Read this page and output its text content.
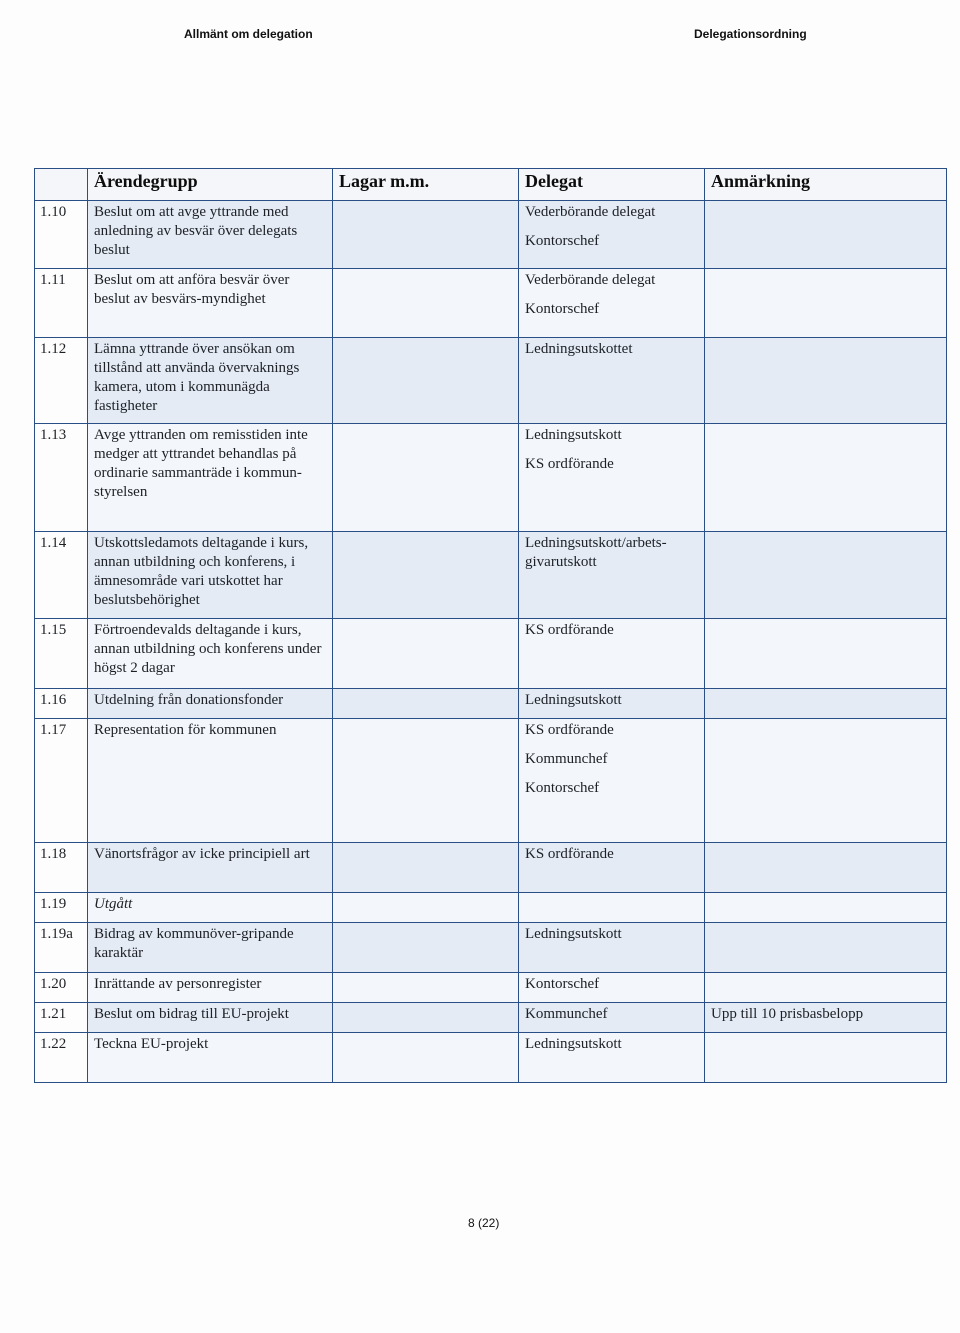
Allmänt om delegation	Delegationsordning
	Ärendegrupp	Lagar m.m.	Delegat	Anmärkning
1.10	Beslut om att avge yttrande med anledning av besvär över delegats beslut		Vederbörande delegat
Kontorschef	

1.11	Beslut om att anföra besvär över beslut av besvärs-myndighet		Vederbörande delegat
Kontorschef	

1.12	Lämna yttrande över ansökan om tillstånd att använda övervaknings kamera, utom i kommunägda fastigheter		Ledningsutskottet	

1.13	Avge yttranden om remisstiden inte medger att yttrandet behandlas på ordinarie sammanträde i kommun-styrelsen		Ledningsutskott
KS ordförande	

1.14	Utskottsledamots deltagande i kurs, annan utbildning och konferens, i ämnesområde vari utskottet har beslutsbehörighet		Ledningsutskott/arbets-givarutskott	

1.15	Förtroendevalds deltagande i kurs, annan utbildning och konferens under högst 2 dagar		KS ordförande	

1.16	Utdelning från donationsfonder		Ledningsutskott	

1.17	Representation för kommunen		KS ordförande
Kommunchef
Kontorschef	

1.18	Vänortsfrågor av icke principiell art		KS ordförande	

1.19	Utgått			
1.19a	Bidrag av kommunöver-gripande karaktär		Ledningsutskott	

1.20	Inrättande av personregister		Kontorschef	

1.21	Beslut om bidrag till EU-projekt		Kommunchef	Upp till 10 prisbasbelopp
1.22	Teckna EU-projekt		Ledningsutskott	

8 (22)
